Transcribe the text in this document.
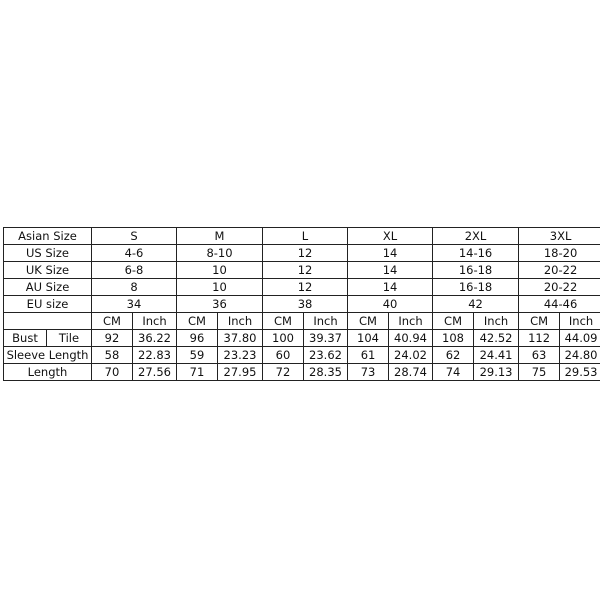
Asian Size		S		M		L		XL		2XL		3XL	
US Size		4-6		8-10		12		14		14-16		18-20	
UK Size		6-8		10		12		14		16-18		20-22	
AU Size		8		10		12		14		16-18		20-22	
EU size		34		36		38		40		42		44-46	
		CM	Inch	CM	Inch	CM	Inch	CM	Inch	CM	Inch	CM	Inch
Bust	Tile	92	36.22	96	37.80	100	39.37	104	40.94	108	42.52	112	44.09
Sleeve Length		58	22.83	59	23.23	60	23.62	61	24.02	62	24.41	63	24.80
Length		70	27.56	71	27.95	72	28.35	73	28.74	74	29.13	75	29.53
